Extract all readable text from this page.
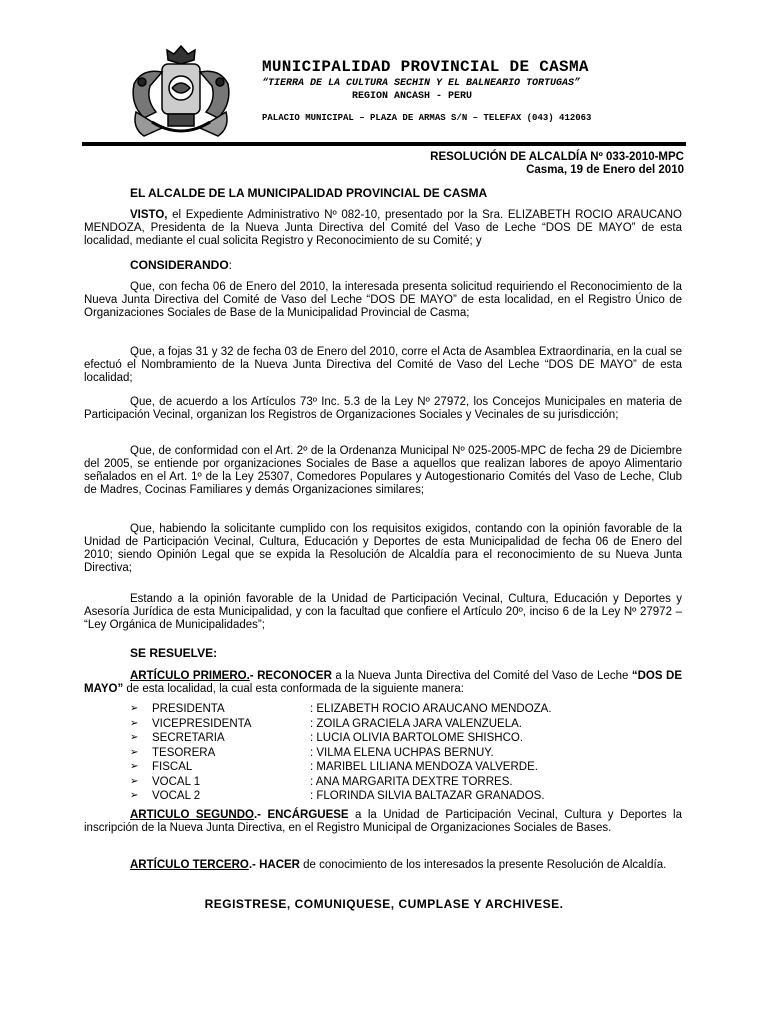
MUNICIPALIDAD PROVINCIAL DE CASMA
“TIERRA DE LA CULTURA SECHIN Y EL BALNEARIO TORTUGAS”
REGION ANCASH - PERU
PALACIO MUNICIPAL – PLAZA DE ARMAS S/N – TELEFAX (043) 412063
RESOLUCIÓN DE ALCALDÍA Nº 033-2010-MPC
Casma, 19 de Enero del 2010
EL ALCALDE DE LA MUNICIPALIDAD PROVINCIAL DE CASMA
VISTO, el Expediente Administrativo Nº 082-10, presentado por la Sra. ELIZABETH ROCIO ARAUCANO MENDOZA, Presidenta de la Nueva Junta Directiva del Comité del Vaso de Leche “DOS DE MAYO” de esta localidad, mediante el cual solicita Registro y Reconocimiento de su Comité; y
CONSIDERANDO:
Que, con fecha 06 de Enero del 2010, la interesada presenta solicitud requiriendo el Reconocimiento de la Nueva Junta Directiva del Comité de Vaso del Leche “DOS DE MAYO” de esta localidad, en el Registro Único de Organizaciones Sociales de Base de la Municipalidad Provincial de Casma;
Que, a fojas 31 y 32 de fecha 03 de Enero del 2010, corre el Acta de Asamblea Extraordinaria, en la cual se efectuó el Nombramiento de la Nueva Junta Directiva del Comité de Vaso del Leche “DOS DE MAYO” de esta localidad;
Que, de acuerdo a los Artículos 73º Inc. 5.3 de la Ley Nº 27972, los Concejos Municipales en materia de Participación Vecinal, organizan los Registros de Organizaciones Sociales y Vecinales de su jurisdicción;
Que, de conformidad con el Art. 2º de la Ordenanza Municipal Nº 025-2005-MPC de fecha 29 de Diciembre del 2005, se entiende por organizaciones Sociales de Base a aquellos que realizan labores de apoyo Alimentario señalados en el Art. 1º de la Ley 25307, Comedores Populares y Autogestionario Comités del Vaso de Leche, Club de Madres, Cocinas Familiares y demás Organizaciones similares;
Que, habiendo la solicitante cumplido con los requisitos exigidos, contando con la opinión favorable de la Unidad de Participación Vecinal, Cultura, Educación y Deportes de esta Municipalidad de fecha 06 de Enero del 2010; siendo Opinión Legal que se expida la Resolución de Alcaldía para el reconocimiento de su Nueva Junta Directiva;
Estando a la opinión favorable de la Unidad de Participación Vecinal, Cultura, Educación y Deportes y Asesoría Jurídica de esta Municipalidad, y con la facultad que confiere el Artículo 20º, inciso 6 de la Ley Nº 27972 – “Ley Orgánica de Municipalidades”;
SE RESUELVE:
ARTÍCULO PRIMERO.- RECONOCER a la Nueva Junta Directiva del Comité del Vaso de Leche “DOS DE MAYO” de esta localidad, la cual esta conformada de la siguiente manera:
➢ PRESIDENTA	: ELIZABETH ROCIO ARAUCANO MENDOZA.
➢ VICEPRESIDENTA	: ZOILA GRACIELA JARA VALENZUELA.
➢ SECRETARIA	: LUCIA OLIVIA BARTOLOME SHISHCO.
➢ TESORERA	: VILMA ELENA UCHPAS BERNUY.
➢ FISCAL	: MARIBEL LILIANA MENDOZA VALVERDE.
➢ VOCAL 1	: ANA MARGARITA DEXTRE TORRES.
➢ VOCAL 2	: FLORINDA SILVIA BALTAZAR GRANADOS.
ARTICULO SEGUNDO.- ENCÁRGUESE a la Unidad de Participación Vecinal, Cultura y Deportes la inscripción de la Nueva Junta Directiva, en el Registro Municipal de Organizaciones Sociales de Bases.
ARTÍCULO TERCERO.- HACER de conocimiento de los interesados la presente Resolución de Alcaldía.
REGISTRESE, COMUNIQUESE, CUMPLASE Y ARCHIVESE.
